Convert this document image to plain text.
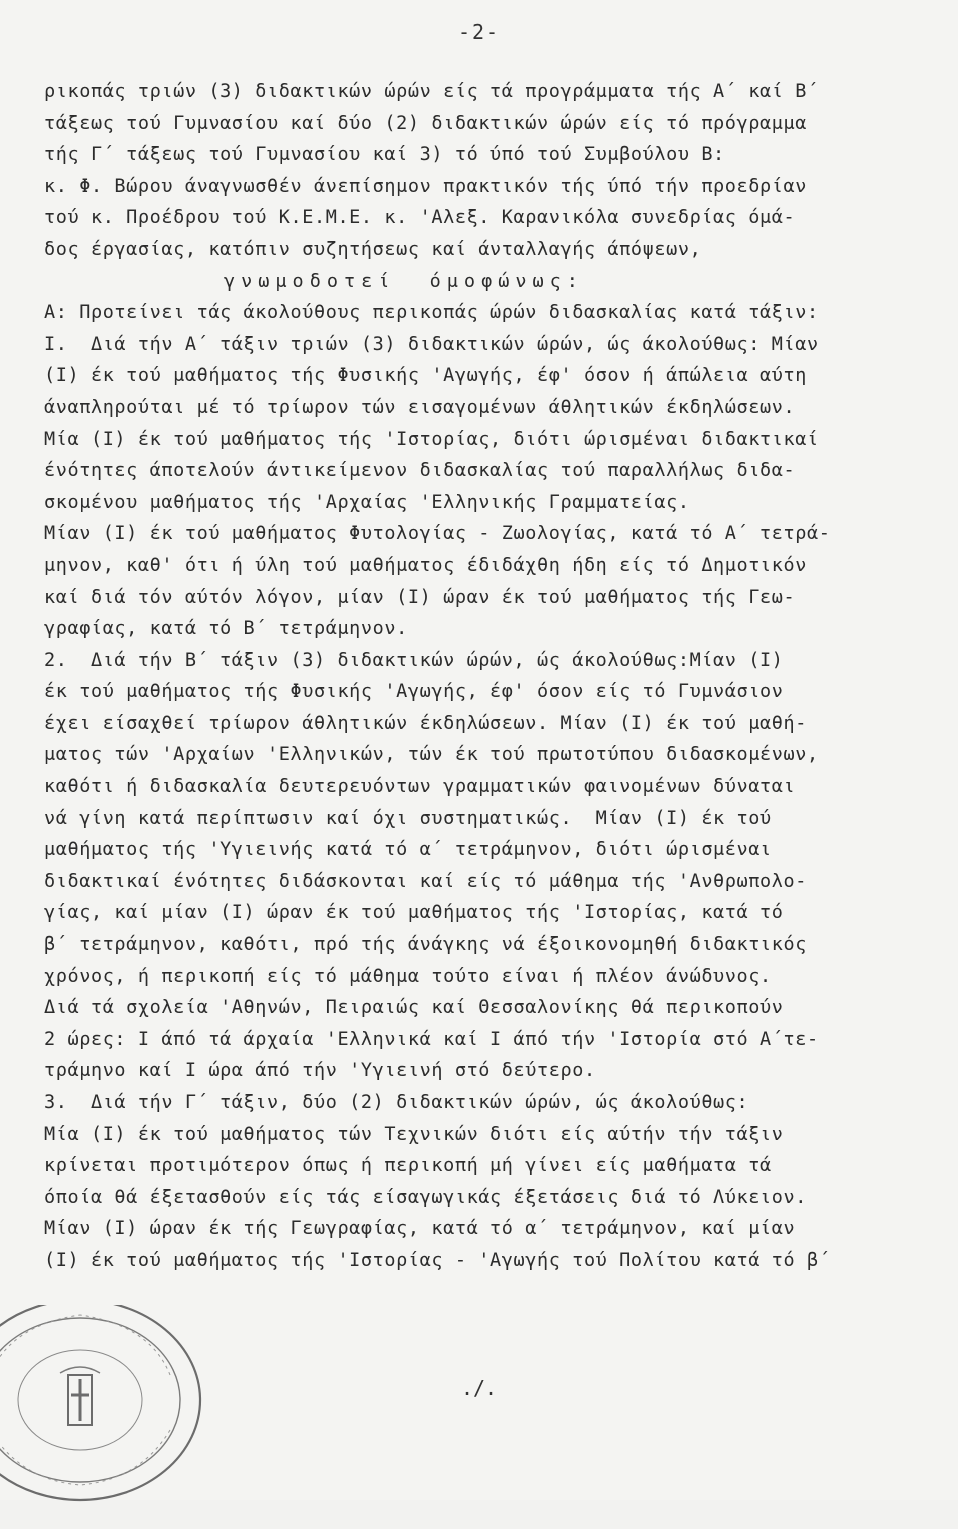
-2-
ρικοπάς τριών (3) διδακτικών ώρών είς τά προγράμματα τής Α΄ καί Β΄
τάξεως τού Γυμνασίου καί δύο (2) διδακτικών ώρών είς τό πρόγραμμα
τής Γ΄ τάξεως τού Γυμνασίου καί 3) τό ύπό τού Συμβούλου Β:
κ. Φ. Βώρου άναγνωσθέν άνεπίσημον πρακτικόν τής ύπό τήν προεδρίαν
τού κ. Προέδρου τού Κ.Ε.Μ.Ε. κ. 'Αλεξ. Καρανικόλα συνεδρίας όμά-
δος έργασίας, κατόπιν συζητήσεως καί άνταλλαγής άπόψεων,
γνωμοδοτεί  όμοφώνως:
Α: Προτείνει τάς άκολούθους περικοπάς ώρών διδασκαλίας κατά τάξιν:
Ι.  Διά τήν Α΄ τάξιν τριών (3) διδακτικών ώρών, ώς άκολούθως: Μίαν
(Ι) έκ τού μαθήματος τής Φυσικής 'Αγωγής, έφ' όσον ή άπώλεια αύτη
άναπληρούται μέ τό τρίωρον τών εισαγομένων άθλητικών έκδηλώσεων.
Μία (Ι) έκ τού μαθήματος τής 'Ιστορίας, διότι ώρισμέναι διδακτικαί
ένότητες άποτελούν άντικείμενον διδασκαλίας τού παραλλήλως διδα-
σκομένου μαθήματος τής 'Αρχαίας 'Ελληνικής Γραμματείας.
Μίαν (Ι) έκ τού μαθήματος Φυτολογίας - Ζωολογίας, κατά τό Α΄ τετρά-
μηνον, καθ' ότι ή ύλη τού μαθήματος έδιδάχθη ήδη είς τό Δημοτικόν
καί διά τόν αύτόν λόγον, μίαν (Ι) ώραν έκ τού μαθήματος τής Γεω-
γραφίας, κατά τό Β΄ τετράμηνον.
2.  Διά τήν Β΄ τάξιν (3) διδακτικών ώρών, ώς άκολούθως:Μίαν (Ι)
έκ τού μαθήματος τής Φυσικής 'Αγωγής, έφ' όσον είς τό Γυμνάσιον
έχει είσαχθεί τρίωρον άθλητικών έκδηλώσεων. Μίαν (Ι) έκ τού μαθή-
ματος τών 'Αρχαίων 'Ελληνικών, τών έκ τού πρωτοτύπου διδασκομένων,
καθότι ή διδασκαλία δευτερευόντων γραμματικών φαινομένων δύναται
νά γίνη κατά περίπτωσιν καί όχι συστηματικώς.  Μίαν (Ι) έκ τού
μαθήματος τής 'Υγιεινής κατά τό α΄ τετράμηνον, διότι ώρισμέναι
διδακτικαί ένότητες διδάσκονται καί είς τό μάθημα τής 'Ανθρωπολο-
γίας, καί μίαν (Ι) ώραν έκ τού μαθήματος τής 'Ιστορίας, κατά τό
β΄ τετράμηνον, καθότι, πρό τής άνάγκης νά έξοικονομηθή διδακτικός
χρόνος, ή περικοπή είς τό μάθημα τούτο είναι ή πλέον άνώδυνος.
Διά τά σχολεία 'Αθηνών, Πειραιώς καί Θεσσαλονίκης θά περικοπούν
2 ώρες: Ι άπό τά άρχαία 'Ελληνικά καί Ι άπό τήν 'Ιστορία στό Α΄τε-
τράμηνο καί Ι ώρα άπό τήν 'Υγιεινή στό δεύτερο.
3.  Διά τήν Γ΄ τάξιν, δύο (2) διδακτικών ώρών, ώς άκολούθως:
Μία (Ι) έκ τού μαθήματος τών Τεχνικών διότι είς αύτήν τήν τάξιν
κρίνεται προτιμότερον όπως ή περικοπή μή γίνει είς μαθήματα τά
όποία θά έξετασθούν είς τάς είσαγωγικάς έξετάσεις διά τό Λύκειον.
Μίαν (Ι) ώραν έκ τής Γεωγραφίας, κατά τό α΄ τετράμηνον, καί μίαν
(Ι) έκ τού μαθήματος τής 'Ιστορίας - 'Αγωγής τού Πολίτου κατά τό β΄
./.
